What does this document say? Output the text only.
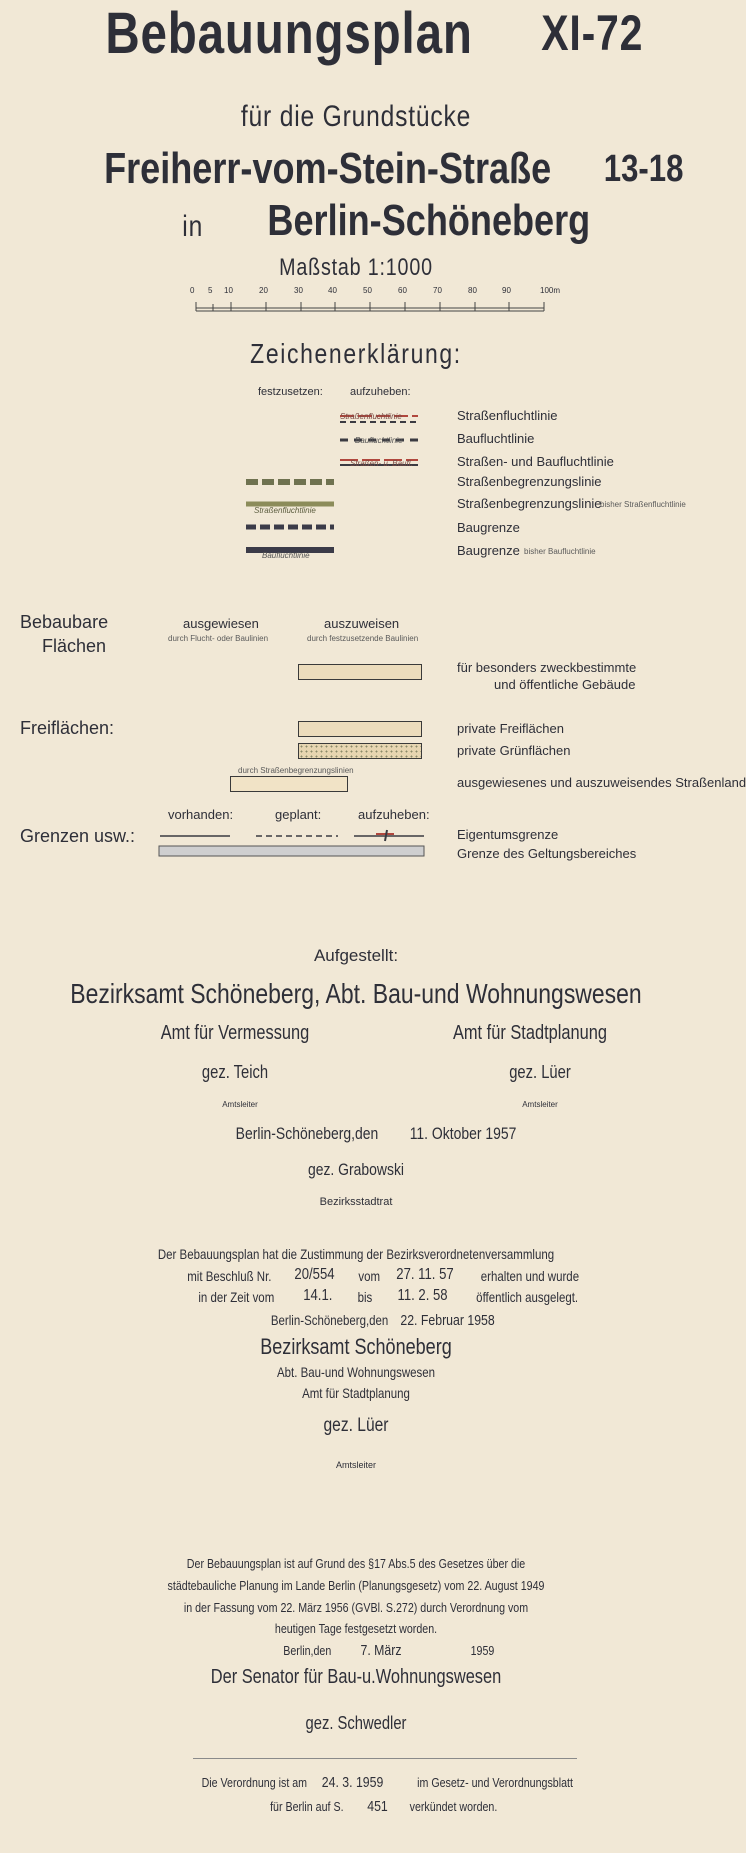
Bebauungsplan XI-72
für die Grundstücke
Freiherr-vom-Stein-Straße 13-18
in Berlin-Schöneberg
Maßstab 1:1000
0 5 10	20	30	40	50	60	70	80	100m
90
Zeichenerklärung:
festzusetzen: aufzuheben:
Straßenfluchtlinie
Baufluchtlinie
Straßen- u. Baufl.
Straßenfluchtlinie
Baufluchtlinie
Straßenfluchtlinie
Baufluchtlinie
Straßen- und Baufluchtlinie
Straßenbegrenzungslinie
Straßenbegrenzungslinie
bisher Straßenfluchtlinie
Baugrenze
Baugrenze bisher Baufluchtlinie
Bebaubare
Flächen
ausgewiesen
durch Flucht- oder Baulinien
auszuweisen
durch festzusetzende Baulinien
für besonders zweckbestimmte
und öffentliche Gebäude
Freiflächen:	private Freiflächen
private Grünflächen
durch Straßenbegrenzungslinien
ausgewiesenes und auszuweisendes Straßenland
vorhanden:	geplant:	aufzuheben:
Grenzen usw.:	Eigentumsgrenze
Grenze des Geltungsbereiches
Aufgestellt:
Bezirksamt Schöneberg, Abt. Bau-und Wohnungswesen
Amt für Vermessung	Amt für Stadtplanung
gez. Teich	gez. Lüer
Amtsleiter	Amtsleiter
Berlin-Schöneberg,den 11. Oktober 1957
gez. Grabowski
Bezirksstadtrat
Der Bebauungsplan hat die Zustimmung der Bezirksverordnetenversammlung
mit Beschluß Nr. 20/554 vom 27. 11. 57 erhalten und wurde
in der Zeit vom 14.1. bis 11. 2. 58 öffentlich ausgelegt.
Berlin-Schöneberg,den 22. Februar 1958
Bezirksamt Schöneberg
Abt. Bau-und Wohnungswesen
Amt für Stadtplanung
gez. Lüer
Amtsleiter
Der Bebauungsplan ist auf Grund des §17 Abs.5 des Gesetzes über die
städtebauliche Planung im Lande Berlin (Planungsgesetz) vom 22. August 1949
in der Fassung vom 22. März 1956 (GVBl. S.272) durch Verordnung vom
heutigen Tage festgesetzt worden.
Berlin,den 7. März	1959
Der Senator für Bau-u.Wohnungswesen
gez. Schwedler
Die Verordnung ist am 24. 3. 1959	im Gesetz- und Verordnungsblatt
für Berlin auf S. 451 verkündet worden.
